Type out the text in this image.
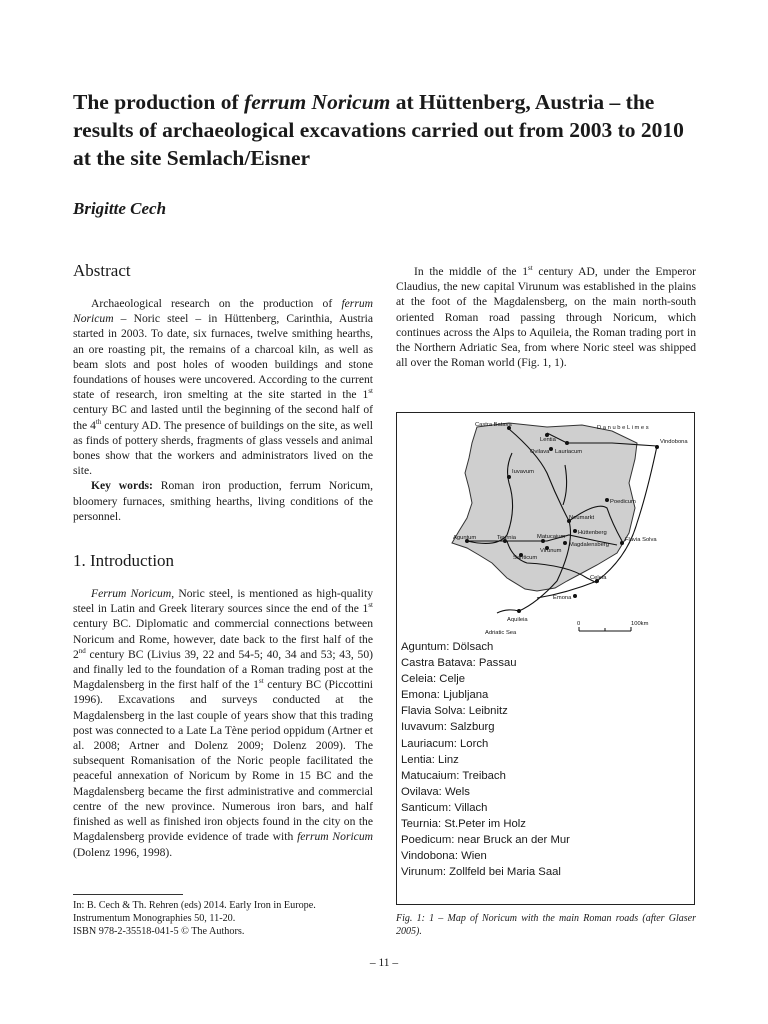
The production of ferrum Noricum at Hüttenberg, Austria – the results of archaeological excavations carried out from 2003 to 2010 at the site Semlach/Eisner

Brigitte Cech

Abstract

Archaeological research on the production of ferrum Noricum – Noric steel – in Hüttenberg, Carinthia, Austria started in 2003. To date, six furnaces, twelve smithing hearths, an ore roasting pit, the remains of a charcoal kiln, as well as beam slots and post holes of wooden buildings and stone foundations of houses were uncovered. According to the current state of research, iron smelting at the site started in the 1st century BC and lasted until the beginning of the second half of the 4th century AD. The presence of buildings on the site, as well as finds of pottery sherds, fragments of glass vessels and animal bones show that the workers and administrators lived on the site.

Key words: Roman iron production, ferrum Noricum, bloomery furnaces, smithing hearths, living conditions of the personnel.

1. Introduction

Ferrum Noricum, Noric steel, is mentioned as high-quality steel in Latin and Greek literary sources since the end of the 1st century BC. Diplomatic and commercial connections between Noricum and Rome, however, date back to the first half of the 2nd century BC (Livius 39, 22 and 54-5; 40, 34 and 53; 43, 50) and finally led to the foundation of a Roman trading post at the Magdalensberg in the first half of the 1st century BC (Piccottini 1996). Excavations and surveys conducted at the Magdalensberg in the last couple of years show that this trading post was connected to a Late La Tène period oppidum (Artner et al. 2008; Artner and Dolenz 2009; Dolenz 2009). The subsequent Romanisation of the Noric people facilitated the peaceful annexation of Noricum by Rome in 15 BC and the Magdalensberg became the first administrative and commercial centre of the new province. Numerous iron bars, and half finished as well as finished iron objects found in the city on the Magdalensberg provide evidence of trade with ferrum Noricum (Dolenz 1996, 1998).

In the middle of the 1st century AD, under the Emperor Claudius, the new capital Virunum was established in the plains at the foot of the Magdalensberg, on the main north-south oriented Roman road passing through Noricum, which continues across the Alps to Aquileia, the Roman trading port in the Northern Adriatic Sea, from where Noric steel was shipped all over the Roman world (Fig. 1, 1).

Castra Batava	D a n u b e L i m e s
Vindobona
Lentia
Ovilava Lauriacum
Iuvavum
Poedicum
Neumarkt
Hüttenberg
Aguntum	Teurnia	Matucaium
Magdalensberg
Flavia Solva
Virunum
Santicum
Celeia
Emona
Aquileia
Adriatic Sea
0	100km
Aguntum: Dölsach
Castra Batava: Passau
Celeia: Celje
Emona: Ljubljana
Flavia Solva: Leibnitz
Iuvavum: Salzburg
Lauriacum: Lorch
Lentia: Linz
Matucaium: Treibach
Ovilava: Wels
Santicum: Villach
Teurnia: St.Peter im Holz
Poedicum: near Bruck an der Mur
Vindobona: Wien
Virunum: Zollfeld bei Maria Saal

Fig. 1: 1 – Map of Noricum with the main Roman roads (after Glaser 2005).

In: B. Cech & Th. Rehren (eds) 2014. Early Iron in Europe.
Instrumentum Monographies 50, 11-20.
ISBN 978-2-35518-041-5 © The Authors.

– 11 –
